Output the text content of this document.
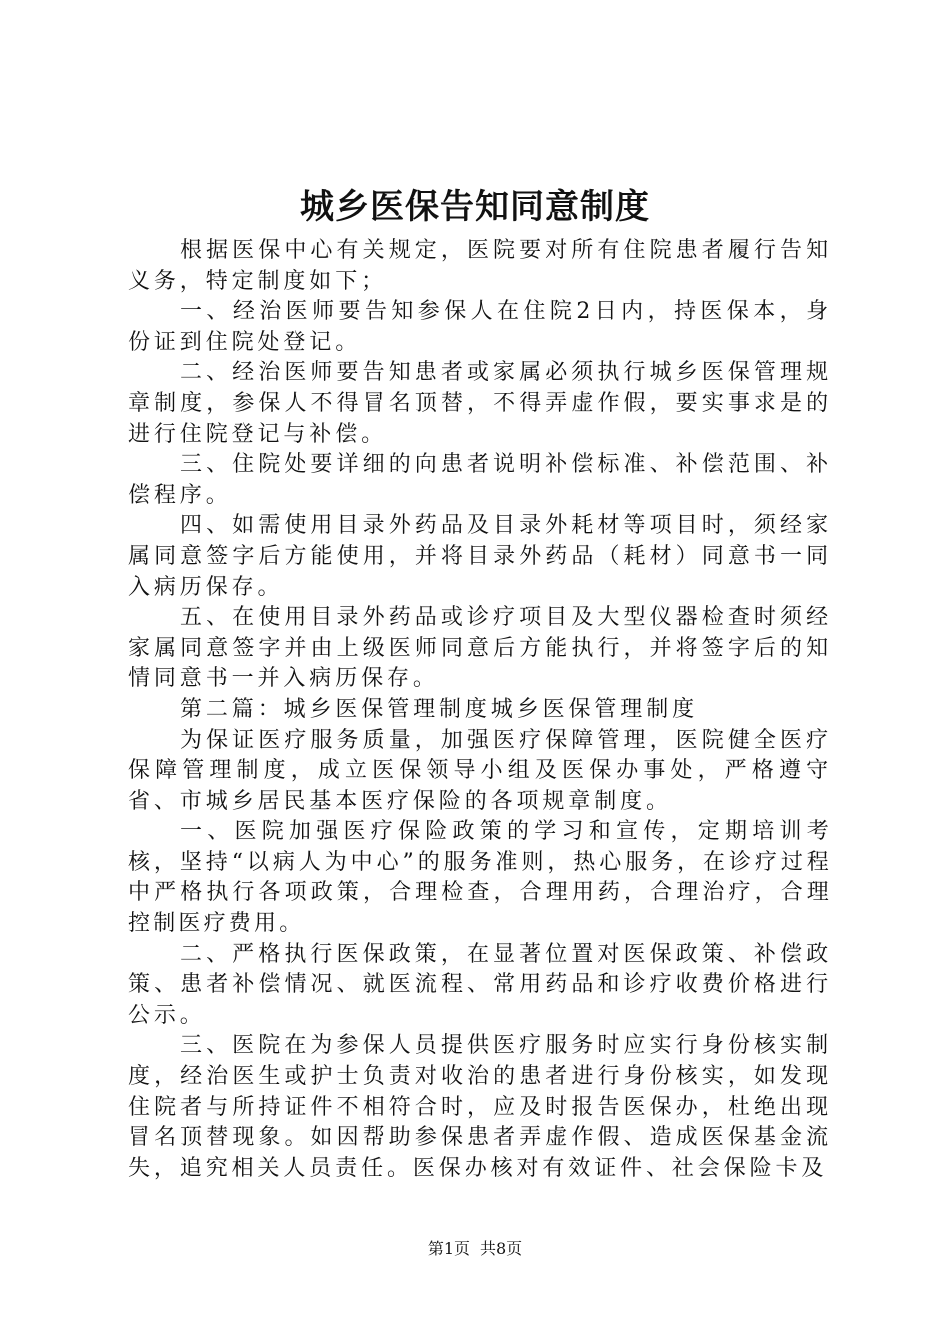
城乡医保告知同意制度

根据医保中心有关规定，医院要对所有住院患者履行告知义务，特定制度如下；

一、经治医师要告知参保人在住院2日内，持医保本，身份证到住院处登记。

二、经治医师要告知患者或家属必须执行城乡医保管理规章制度，参保人不得冒名顶替，不得弄虚作假，要实事求是的进行住院登记与补偿。

三、住院处要详细的向患者说明补偿标准、补偿范围、补偿程序。

四、如需使用目录外药品及目录外耗材等项目时，须经家属同意签字后方能使用，并将目录外药品（耗材）同意书一同入病历保存。

五、在使用目录外药品或诊疗项目及大型仪器检查时须经家属同意签字并由上级医师同意后方能执行，并将签字后的知情同意书一并入病历保存。

第二篇：城乡医保管理制度城乡医保管理制度

为保证医疗服务质量，加强医疗保障管理，医院健全医疗保障管理制度，成立医保领导小组及医保办事处，严格遵守省、市城乡居民基本医疗保险的各项规章制度。

一、医院加强医疗保险政策的学习和宣传，定期培训考核，坚持“以病人为中心”的服务准则，热心服务，在诊疗过程中严格执行各项政策，合理检查，合理用药，合理治疗，合理控制医疗费用。

二、严格执行医保政策，在显著位置对医保政策、补偿政策、患者补偿情况、就医流程、常用药品和诊疗收费价格进行公示。

三、医院在为参保人员提供医疗服务时应实行身份核实制度，经治医生或护士负责对收治的患者进行身份核实，如发现住院者与所持证件不相符合时，应及时报告医保办，杜绝出现冒名顶替现象。如因帮助参保患者弄虚作假、造成医保基金流失，追究相关人员责任。医保办核对有效证件、社会保险卡及

第1页 共8页
